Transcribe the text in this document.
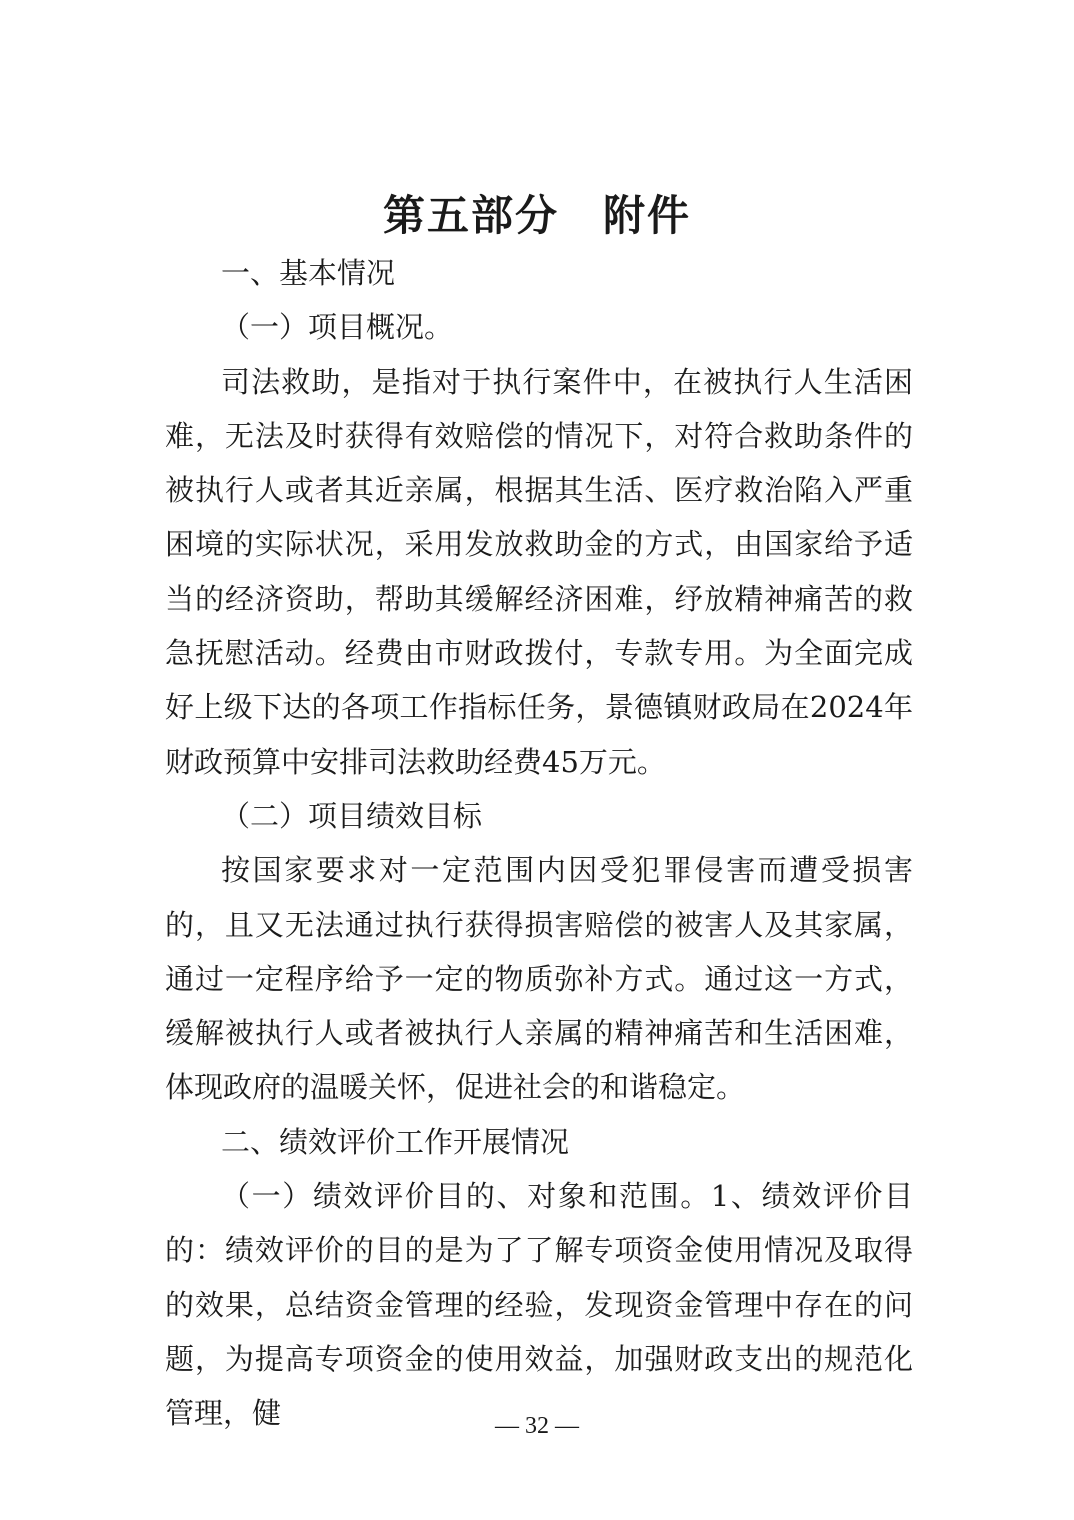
第五部分　附件

一、基本情况

（一）项目概况。

司法救助，是指对于执行案件中，在被执行人生活困难，无法及时获得有效赔偿的情况下，对符合救助条件的被执行人或者其近亲属，根据其生活、医疗救治陷入严重困境的实际状况，采用发放救助金的方式，由国家给予适当的经济资助，帮助其缓解经济困难，纾放精神痛苦的救急抚慰活动。经费由市财政拨付，专款专用。为全面完成好上级下达的各项工作指标任务，景德镇财政局在2024年财政预算中安排司法救助经费45万元。

（二）项目绩效目标

按国家要求对一定范围内因受犯罪侵害而遭受损害的，且又无法通过执行获得损害赔偿的被害人及其家属，通过一定程序给予一定的物质弥补方式。通过这一方式，缓解被执行人或者被执行人亲属的精神痛苦和生活困难，体现政府的温暖关怀，促进社会的和谐稳定。

二、绩效评价工作开展情况

（一）绩效评价目的、对象和范围。1、绩效评价目的：绩效评价的目的是为了了解专项资金使用情况及取得的效果，总结资金管理的经验，发现资金管理中存在的问题，为提高专项资金的使用效益，加强财政支出的规范化管理，健	— 32 —
